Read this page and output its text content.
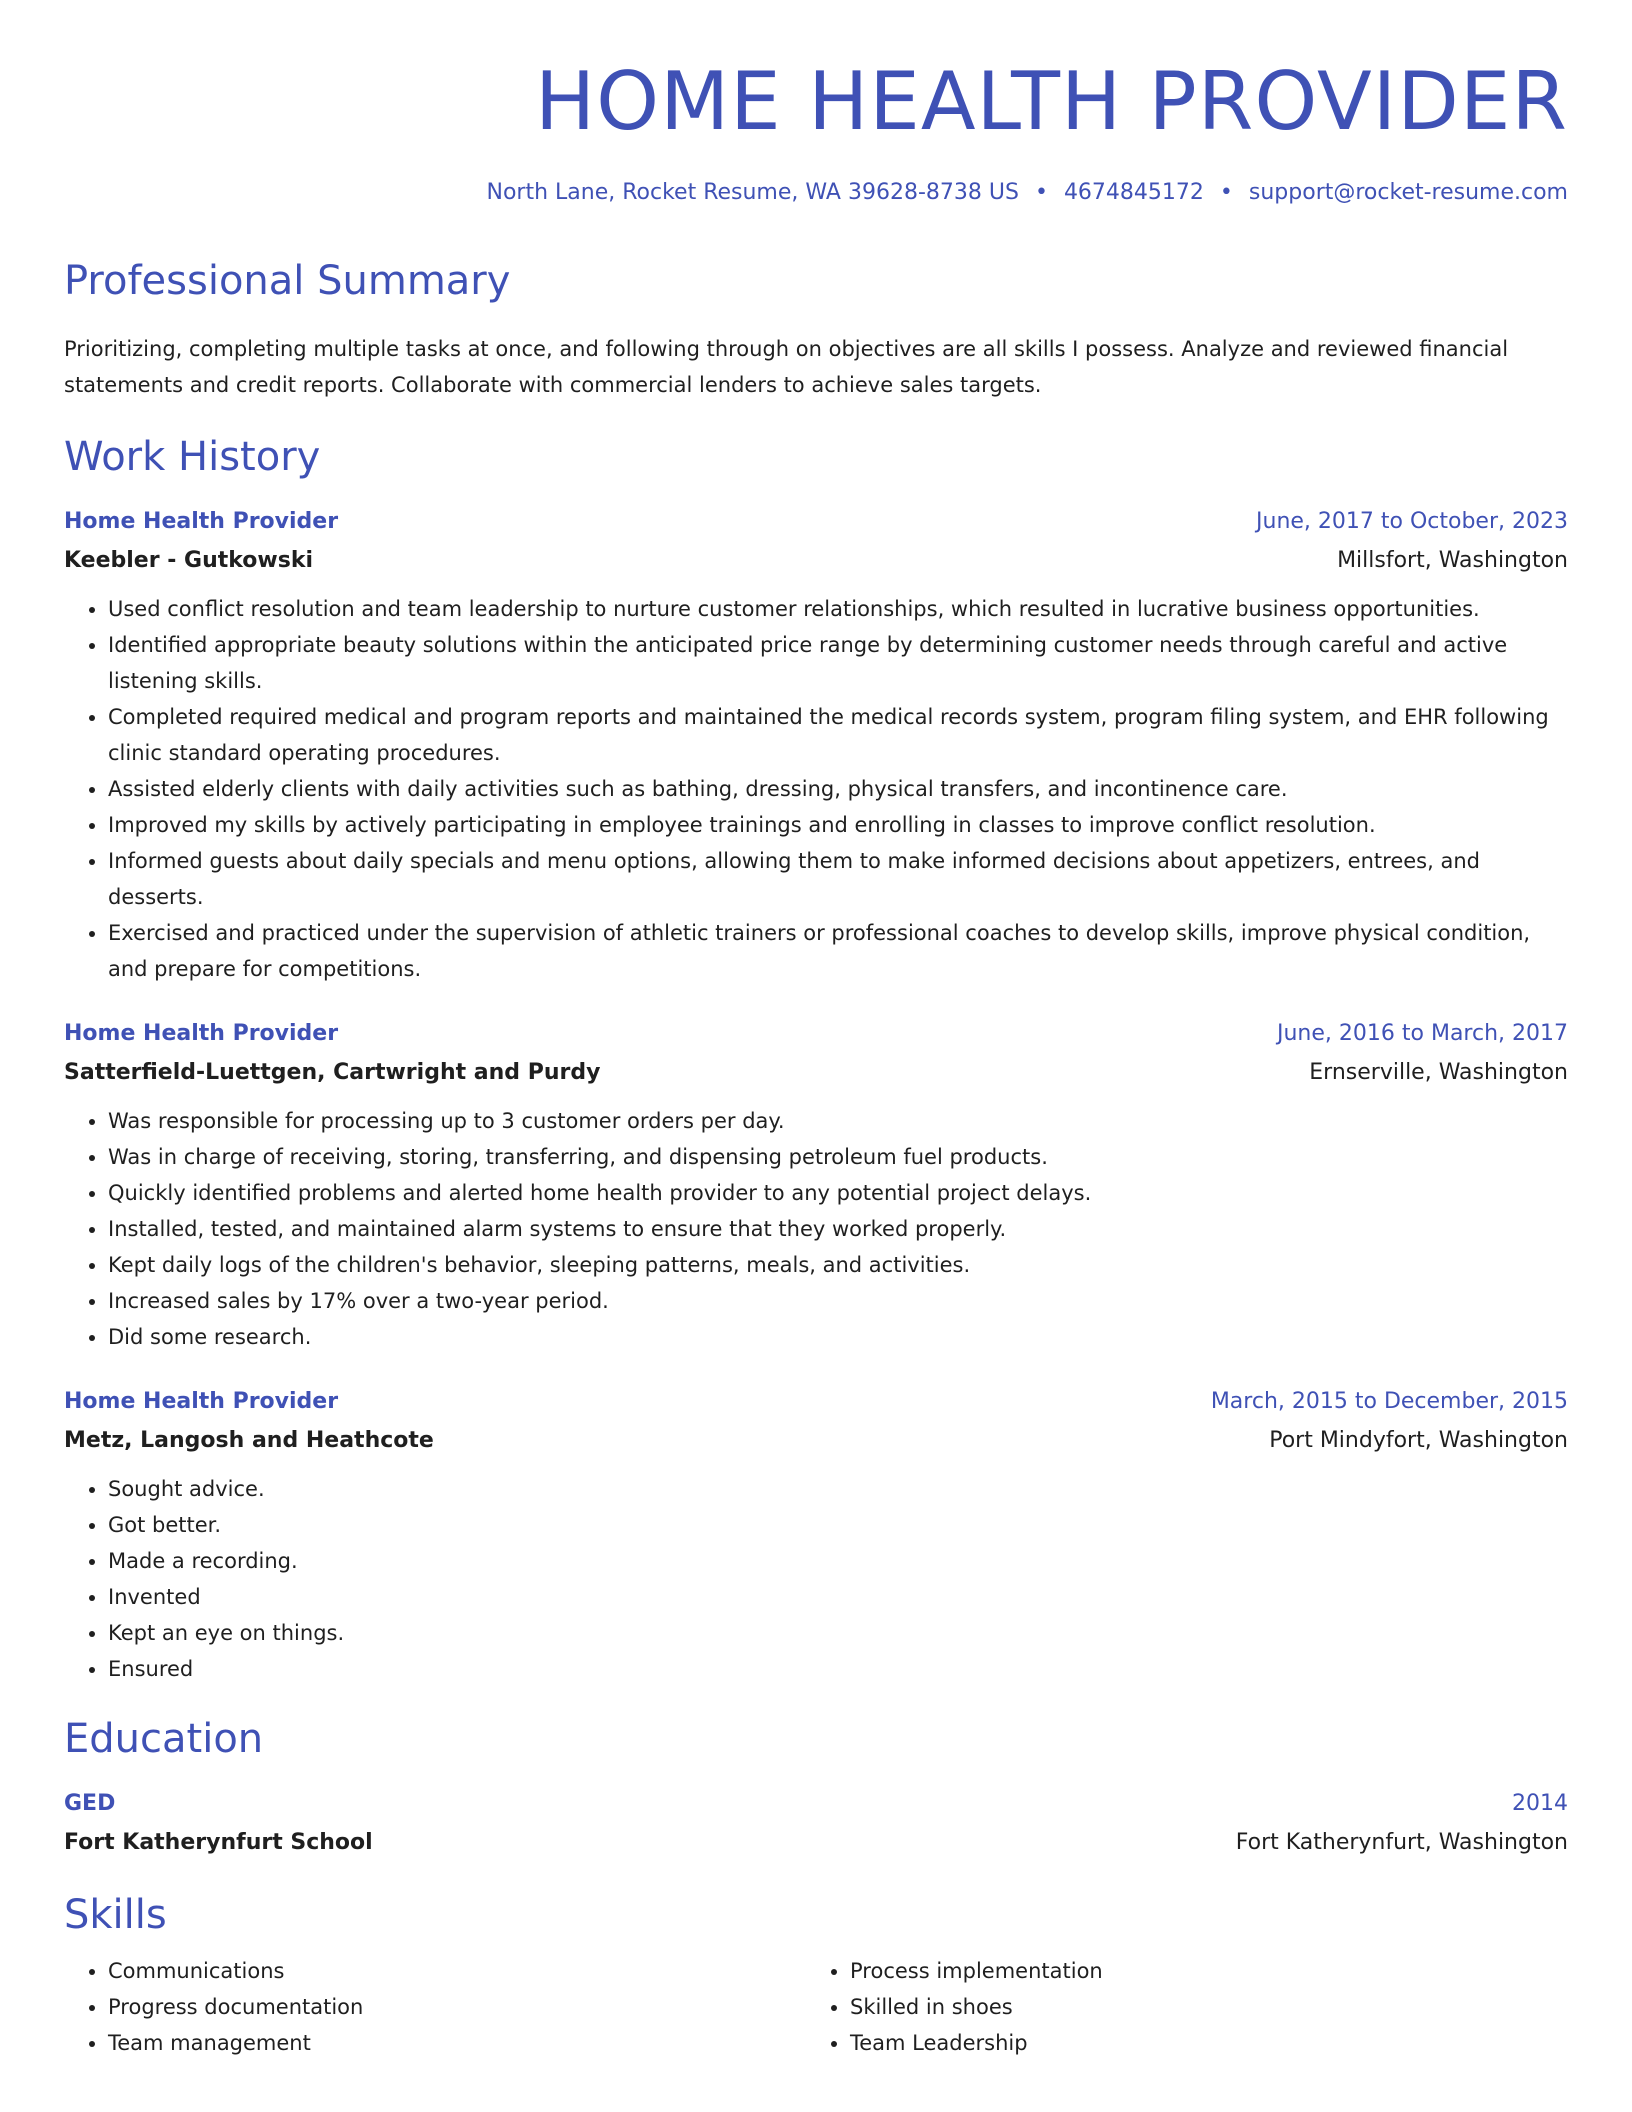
HOME HEALTH PROVIDER
North Lane, Rocket Resume, WA 39628-8738 US • 4674845172 • support@rocket-resume.com
Professional Summary

Prioritizing, completing multiple tasks at once, and following through on objectives are all skills I possess. Analyze and reviewed financial statements and credit reports. Collaborate with commercial lenders to achieve sales targets.

Work History
Home Health Provider	June, 2017 to October, 2023
Keebler - Gutkowski	Millsfort, Washington
• Used conflict resolution and team leadership to nurture customer relationships, which resulted in lucrative business opportunities.
• Identified appropriate beauty solutions within the anticipated price range by determining customer needs through careful and active listening skills.
• Completed required medical and program reports and maintained the medical records system, program filing system, and EHR following clinic standard operating procedures.
• Assisted elderly clients with daily activities such as bathing, dressing, physical transfers, and incontinence care.
• Improved my skills by actively participating in employee trainings and enrolling in classes to improve conflict resolution.
• Informed guests about daily specials and menu options, allowing them to make informed decisions about appetizers, entrees, and desserts.
• Exercised and practiced under the supervision of athletic trainers or professional coaches to develop skills, improve physical condition, and prepare for competitions.
Home Health Provider	June, 2016 to March, 2017
Satterfield-Luettgen, Cartwright and Purdy	Ernserville, Washington
• Was responsible for processing up to 3 customer orders per day.
• Was in charge of receiving, storing, transferring, and dispensing petroleum fuel products.
• Quickly identified problems and alerted home health provider to any potential project delays.
• Installed, tested, and maintained alarm systems to ensure that they worked properly.
• Kept daily logs of the children's behavior, sleeping patterns, meals, and activities.
• Increased sales by 17% over a two-year period.
• Did some research.
Home Health Provider	March, 2015 to December, 2015
Metz, Langosh and Heathcote	Port Mindyfort, Washington
• Sought advice.
• Got better.
• Made a recording.
• Invented
• Kept an eye on things.
• Ensured
Education
GED	2014
Fort Katherynfurt School	Fort Katherynfurt, Washington
Skills
• Communications
• Progress documentation
• Team management
• Process implementation
• Skilled in shoes
• Team Leadership
